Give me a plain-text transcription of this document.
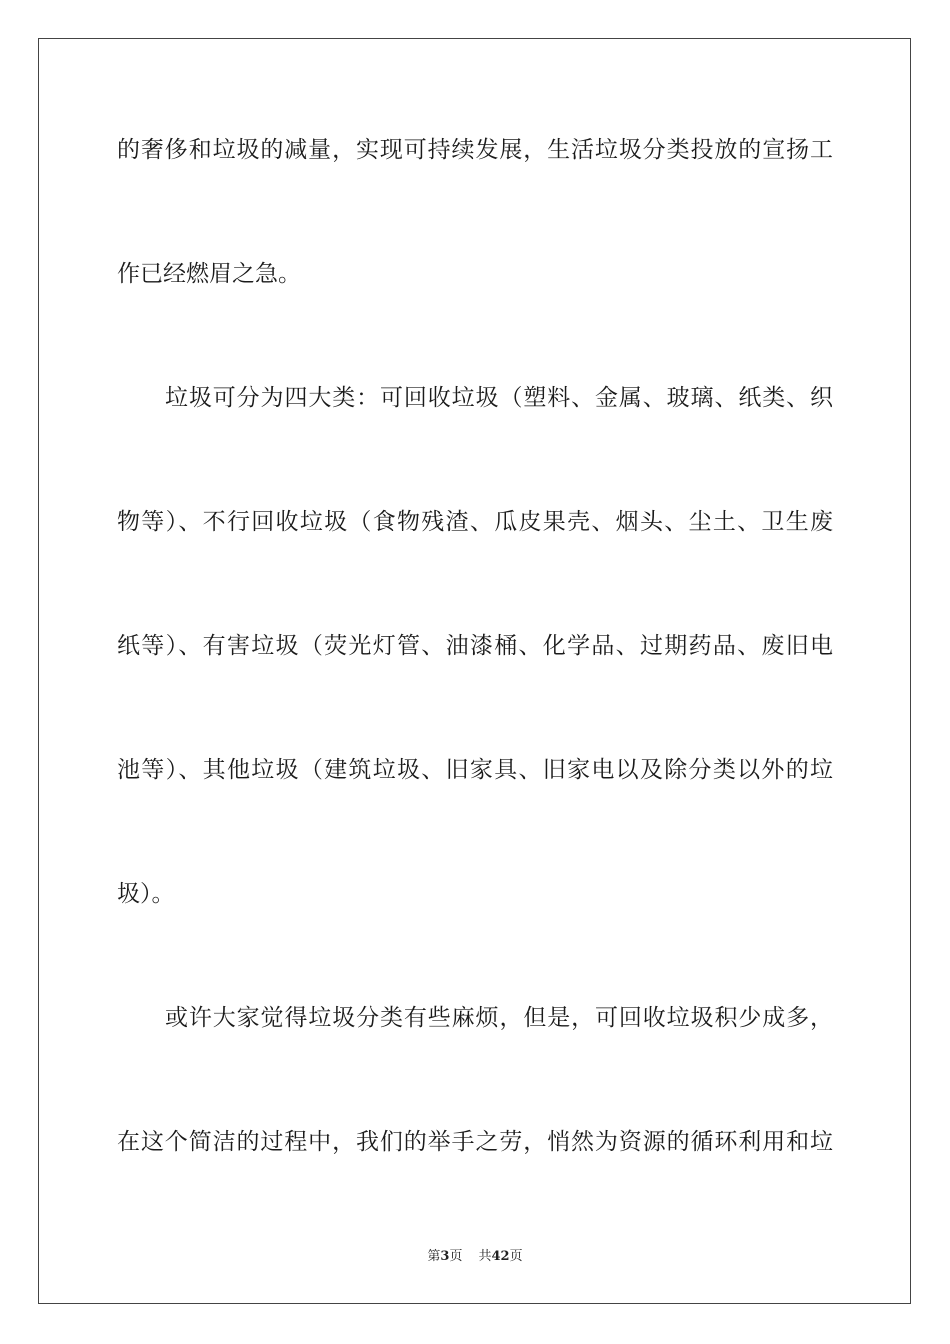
的奢侈和垃圾的减量，实现可持续发展，生活垃圾分类投放的宣扬工
作已经燃眉之急。
垃圾可分为四大类：可回收垃圾（塑料、金属、玻璃、纸类、织
物等）、不行回收垃圾（食物残渣、瓜皮果壳、烟头、尘土、卫生废
纸等）、有害垃圾（荧光灯管、油漆桶、化学品、过期药品、废旧电
池等）、其他垃圾（建筑垃圾、旧家具、旧家电以及除分类以外的垃
圾）。
或许大家觉得垃圾分类有些麻烦，但是，可回收垃圾积少成多，
在这个简洁的过程中，我们的举手之劳，悄然为资源的循环利用和垃
第3页 共42页
